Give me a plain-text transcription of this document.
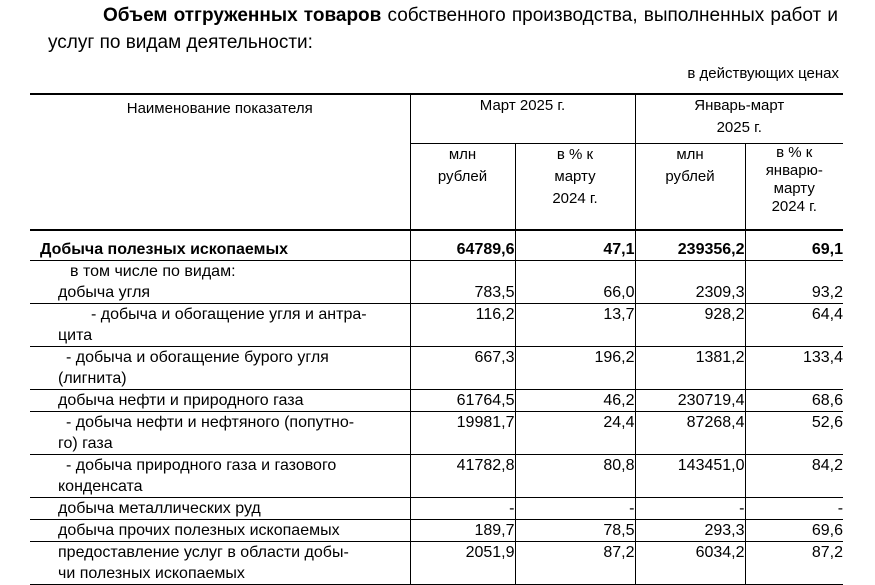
Объем отгруженных товаров собственного производства, выполненных работ и услуг по видам деятельности:
в действующих ценах
Наименование показателя	Март 2025 г.		Январь-март
2025 г.	
	млн
рублей	в % к
марту
2024 г.	млн
рублей	в % к
январю-
марту
2024 г.

Добыча полезных ископаемых	64789,6	47,1	239356,2	69,1
в том числе по видам:				
добыча угля	783,5	66,0	2309,3	93,2
- добыча и обогащение угля и антра-
цита	116,2	13,7	928,2	64,4
- добыча и обогащение бурого угля
(лигнита)	667,3	196,2	1381,2	133,4
добыча нефти и природного газа	61764,5	46,2	230719,4	68,6
- добыча нефти и нефтяного (попутно-
го) газа	19981,7	24,4	87268,4	52,6
- добыча природного газа и газового
конденсата	41782,8	80,8	143451,0	84,2
добыча металлических руд	-	-	-	-
добыча прочих полезных ископаемых	189,7	78,5	293,3	69,6
предоставление услуг в области добы-
чи полезных ископаемых	2051,9	87,2	6034,2	87,2
